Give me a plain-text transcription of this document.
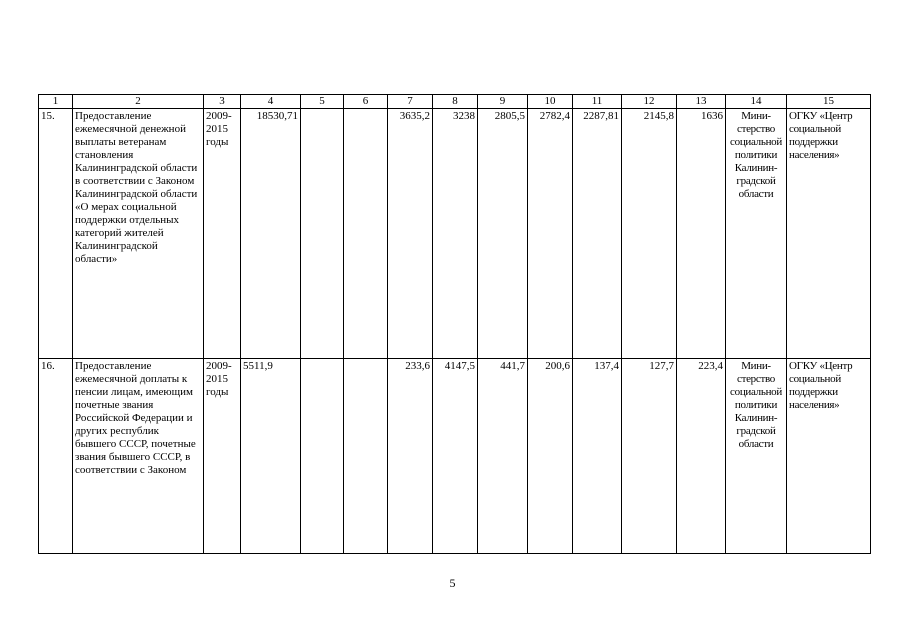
1	2	3	4	5	6	7	8	9	10	11	12	13	14	15
15.	Предоставление ежемесячной денежной выплаты ветеранам становления Калининградской области в соответствии с Законом Калининградской области «О мерах социальной поддержки отдельных категорий жителей Калининградской области»	2009-2015 годы	18530,71			3635,2	3238	2805,5	2782,4	2287,81	2145,8	1636	Мини-стерство социальной политики Калинин-градской области	ОГКУ «Центр социальной поддержки населения»
16.	Предоставление ежемесячной доплаты к пенсии лицам, имеющим почетные звания Российской Федерации и других республик бывшего СССР, почетные звания бывшего СССР, в соответствии с Законом	2009-2015 годы	5511,9			233,6	4147,5	441,7	200,6	137,4	127,7	223,4	Мини-стерство социальной политики Калинин-градской области	ОГКУ «Центр социальной поддержки населения»
5
